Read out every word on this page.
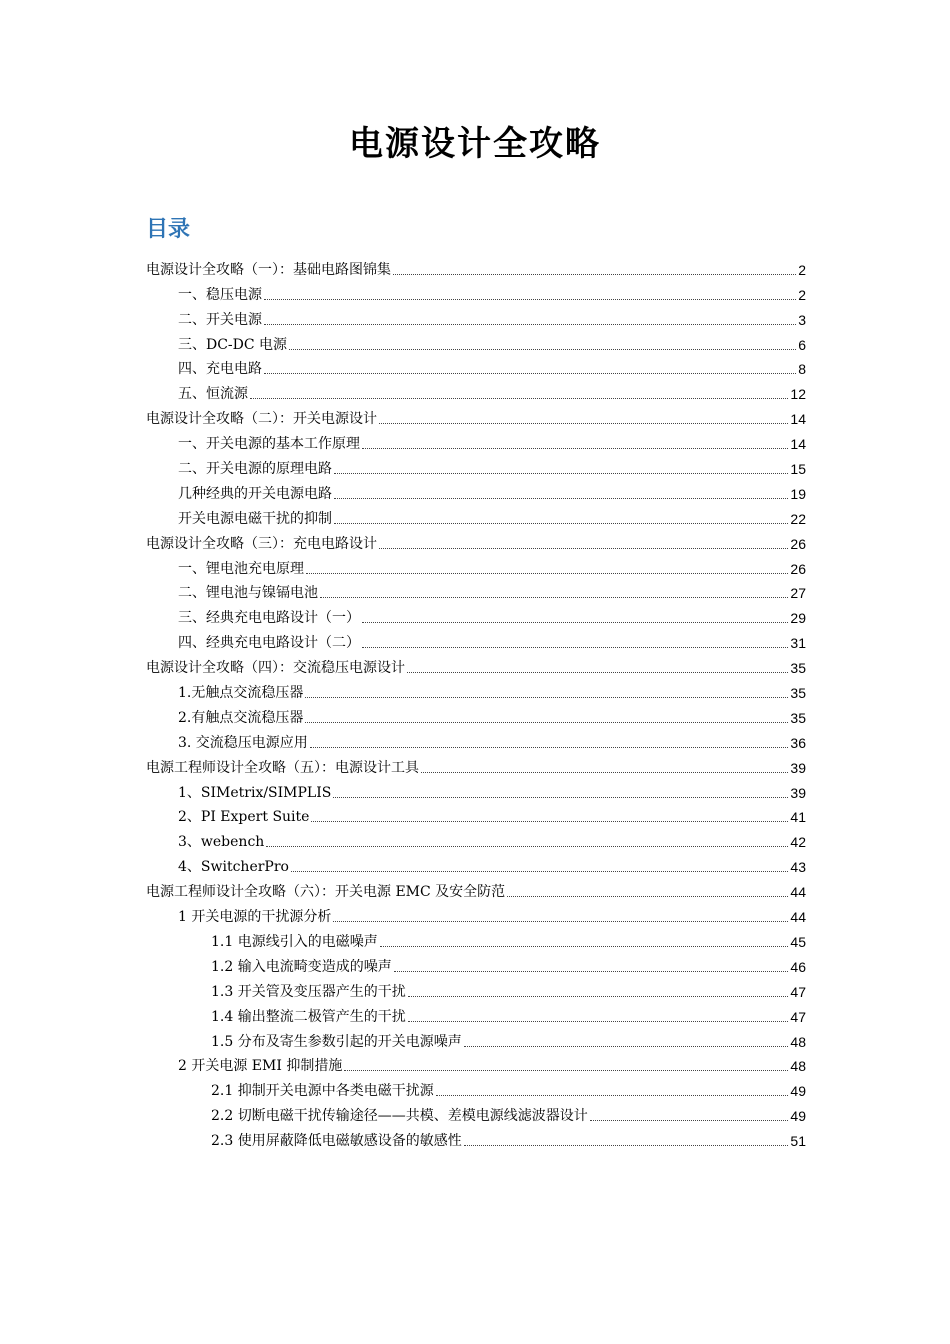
电源设计全攻略
目录
电源设计全攻略（一）：基础电路图锦集	2
一、稳压电源	2
二、开关电源	3
三、DC-DC 电源	6
四、充电电路	8
五、恒流源	12
电源设计全攻略（二）：开关电源设计	14
一、开关电源的基本工作原理	14
二、开关电源的原理电路	15
几种经典的开关电源电路	19
开关电源电磁干扰的抑制	22
电源设计全攻略（三）：充电电路设计	26
一、锂电池充电原理	26
二、锂电池与镍镉电池	27
三、经典充电电路设计（一）	29
四、经典充电电路设计（二）	31
电源设计全攻略（四）：交流稳压电源设计	35
1.无触点交流稳压器	35
2.有触点交流稳压器	35
3. 交流稳压电源应用	36
电源工程师设计全攻略（五）：电源设计工具	39
1、SIMetrix/SIMPLIS	39
2、PI Expert Suite	41
3、webench	42
4、SwitcherPro	43
电源工程师设计全攻略（六）：开关电源 EMC 及安全防范	44
1 开关电源的干扰源分析	44
1.1 电源线引入的电磁噪声	45
1.2 输入电流畸变造成的噪声	46
1.3 开关管及变压器产生的干扰	47
1.4 输出整流二极管产生的干扰	47
1.5 分布及寄生参数引起的开关电源噪声	48
2 开关电源 EMI 抑制措施	48
2.1 抑制开关电源中各类电磁干扰源	49
2.2 切断电磁干扰传输途径——共模、差模电源线滤波器设计	49
2.3 使用屏蔽降低电磁敏感设备的敏感性	51
